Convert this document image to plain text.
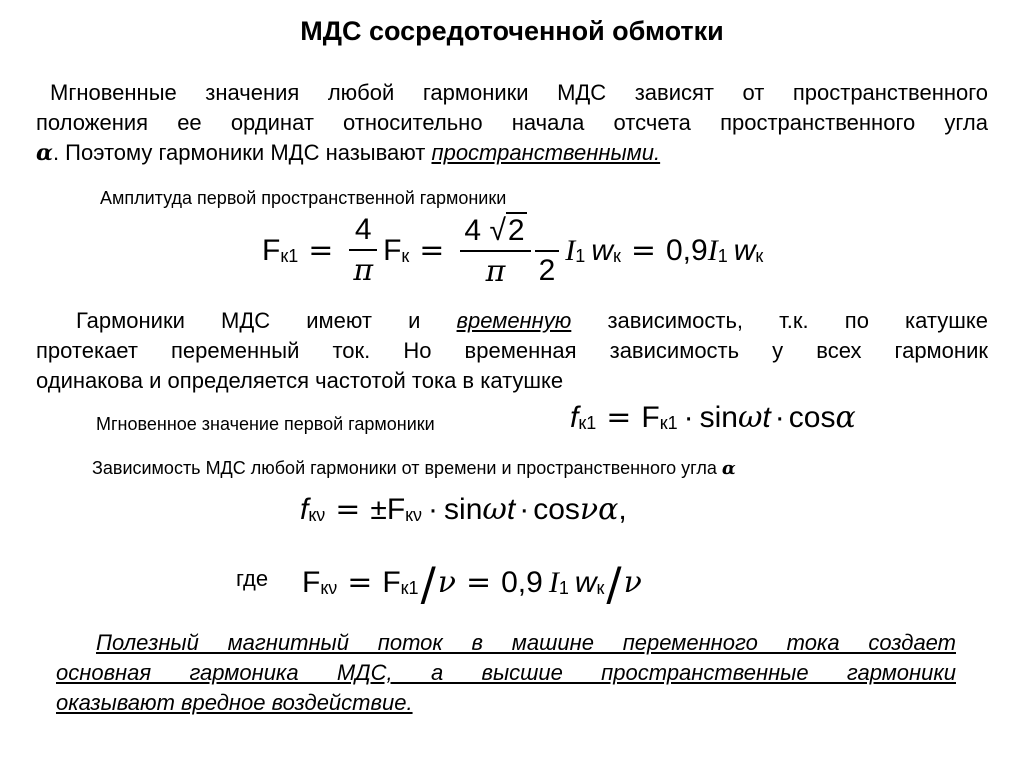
МДС сосредоточенной обмотки
Мгновенные значения любой гармоники МДС зависят от пространственного
положения ее ординат относительно начала отсчета пространственного угла
α. Поэтому гармоники МДС называют пространственными.
Амплитуда первой пространственной гармоники
F $к1 = \frac{4}{\pi}$ F $к = \frac{4 √ 2}{\pi} 2$
I 1 w к = 0,9 I 1 w к
Гармоники МДС имеют и временную зависимость, т.к. по катушке
протекает переменный ток. Но временная зависимость у всех гармоник
одинакова и определяется частотой тока в катушке
Мгновенное значение первой гармоники	f к1 = F к1 · sin ω t · cos α
Зависимость МДС любой гармоники от времени и пространственного угла α
f кν = ± F кν · sin ω t · cos ν α ,
где F кν = F к1 / ν = 0,9 I 1 w к / ν
Полезный магнитный поток в машине переменного тока создает
основная гармоника МДС, а высшие пространственные гармоники
оказывают вредное воздействие.
